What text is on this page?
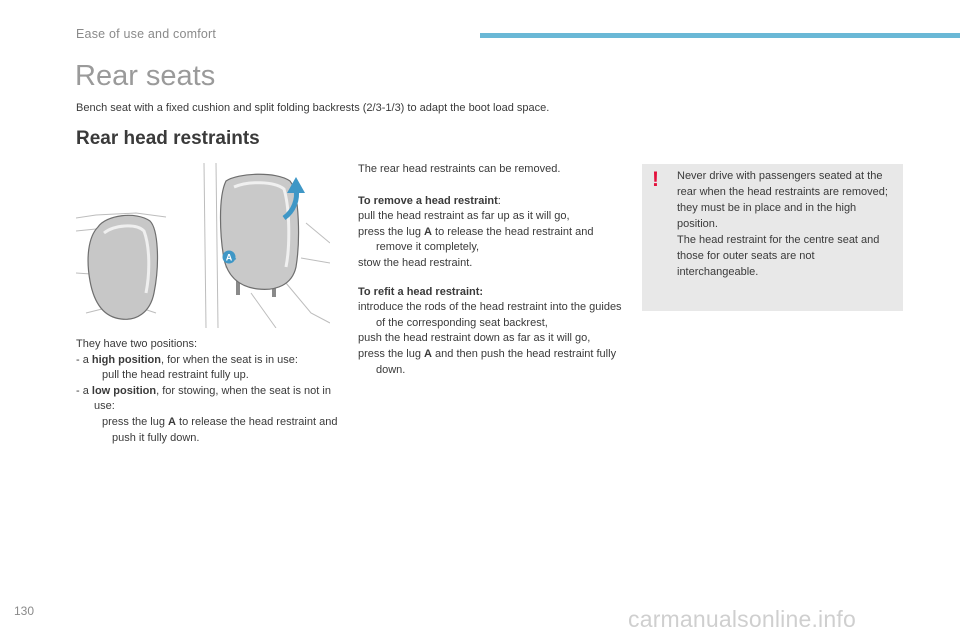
Ease of use and comfort
Rear seats
Bench seat with a fixed cushion and split folding backrests (2/3-1/3) to adapt the boot load space.
Rear head restraints
A

They have two positions:

- a high position, for when the seat is in use:

pull the head restraint fully up.

- a low position, for stowing, when the seat is not in use:

press the lug A to release the head restraint and push it fully down.

The rear head restraints can be removed.

To remove a head restraint:

pull the head restraint as far up as it will go,

press the lug A to release the head restraint and remove it completely,

stow the head restraint.

To refit a head restraint:

introduce the rods of the head restraint into the guides of the corresponding seat backrest,

push the head restraint down as far as it will go,

press the lug A and then push the head restraint fully down.

! Never drive with passengers seated at the rear when the head restraints are removed; they must be in place and in the high position.

The head restraint for the centre seat and those for outer seats are not interchangeable.

130	carmanualsonline.info
